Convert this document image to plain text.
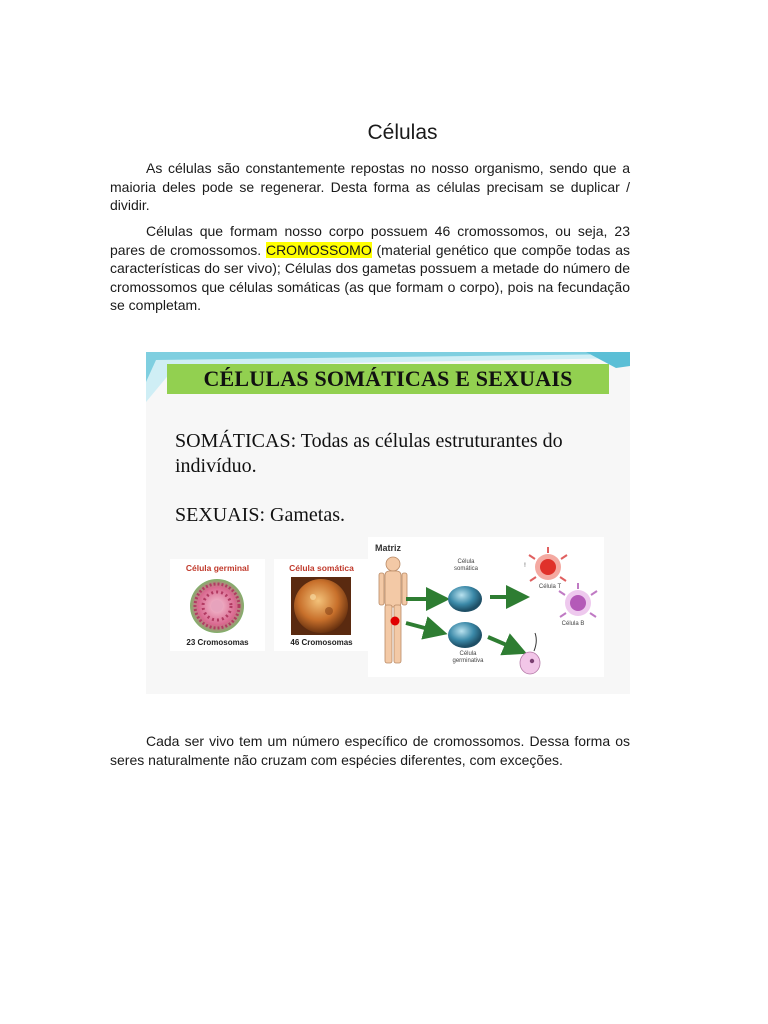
Células

As células são constantemente repostas no nosso organismo, sendo que a maioria deles pode se regenerar. Desta forma as células precisam se duplicar / dividir.

Células que formam nosso corpo possuem 46 cromossomos, ou seja, 23 pares de cromossomos. CROMOSSOMO (material genético que compõe todas as características do ser vivo); Células dos gametas possuem a metade do número de cromossomos que células somáticas (as que formam o corpo), pois na fecundação se completam.

CÉLULAS SOMÁTICAS E SEXUAIS
SOMÁTICAS: Todas as células estruturantes do
indivíduo.
SEXUAIS: Gametas.
Célula germinal
23 Cromosomas
Célula somática
46 Cromosomas
Matriz
Célula somática
Célula germinativa
!
Célula T
Célula B

Cada ser vivo tem um número específico de cromossomos. Dessa forma os seres naturalmente não cruzam com espécies diferentes, com exceções.
